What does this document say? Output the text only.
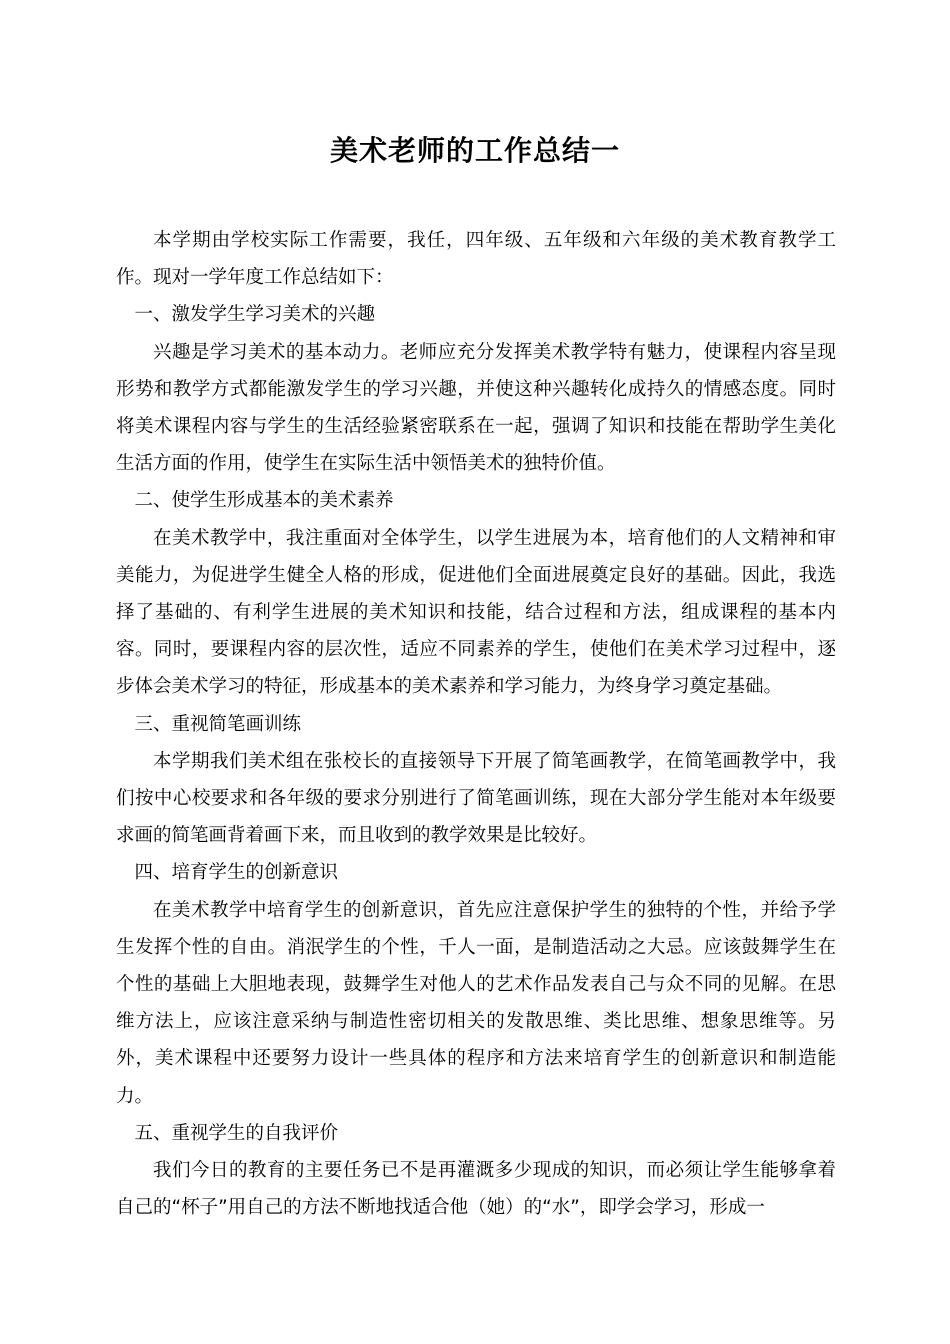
美术老师的工作总结一

本学期由学校实际工作需要，我任，四年级、五年级和六年级的美术教育教学工作。现对一学年度工作总结如下：

一、激发学生学习美术的兴趣

兴趣是学习美术的基本动力。老师应充分发挥美术教学特有魅力，使课程内容呈现形势和教学方式都能激发学生的学习兴趣，并使这种兴趣转化成持久的情感态度。同时将美术课程内容与学生的生活经验紧密联系在一起，强调了知识和技能在帮助学生美化生活方面的作用，使学生在实际生活中领悟美术的独特价值。

二、使学生形成基本的美术素养

在美术教学中，我注重面对全体学生，以学生进展为本，培育他们的人文精神和审美能力，为促进学生健全人格的形成，促进他们全面进展奠定良好的基础。因此，我选择了基础的、有利学生进展的美术知识和技能，结合过程和方法，组成课程的基本内容。同时，要课程内容的层次性，适应不同素养的学生，使他们在美术学习过程中，逐步体会美术学习的特征，形成基本的美术素养和学习能力，为终身学习奠定基础。

三、重视简笔画训练

本学期我们美术组在张校长的直接领导下开展了简笔画教学，在简笔画教学中，我们按中心校要求和各年级的要求分别进行了简笔画训练，现在大部分学生能对本年级要求画的简笔画背着画下来，而且收到的教学效果是比较好。

四、培育学生的创新意识

在美术教学中培育学生的创新意识，首先应注意保护学生的独特的个性，并给予学生发挥个性的自由。消泯学生的个性，千人一面，是制造活动之大忌。应该鼓舞学生在个性的基础上大胆地表现，鼓舞学生对他人的艺术作品发表自己与众不同的见解。在思维方法上，应该注意采纳与制造性密切相关的发散思维、类比思维、想象思维等。另外，美术课程中还要努力设计一些具体的程序和方法来培育学生的创新意识和制造能力。

五、重视学生的自我评价

我们今日的教育的主要任务已不是再灌溉多少现成的知识，而必须让学生能够拿着自己的“杯子”用自己的方法不断地找适合他（她）的“水”，即学会学习，形成一
